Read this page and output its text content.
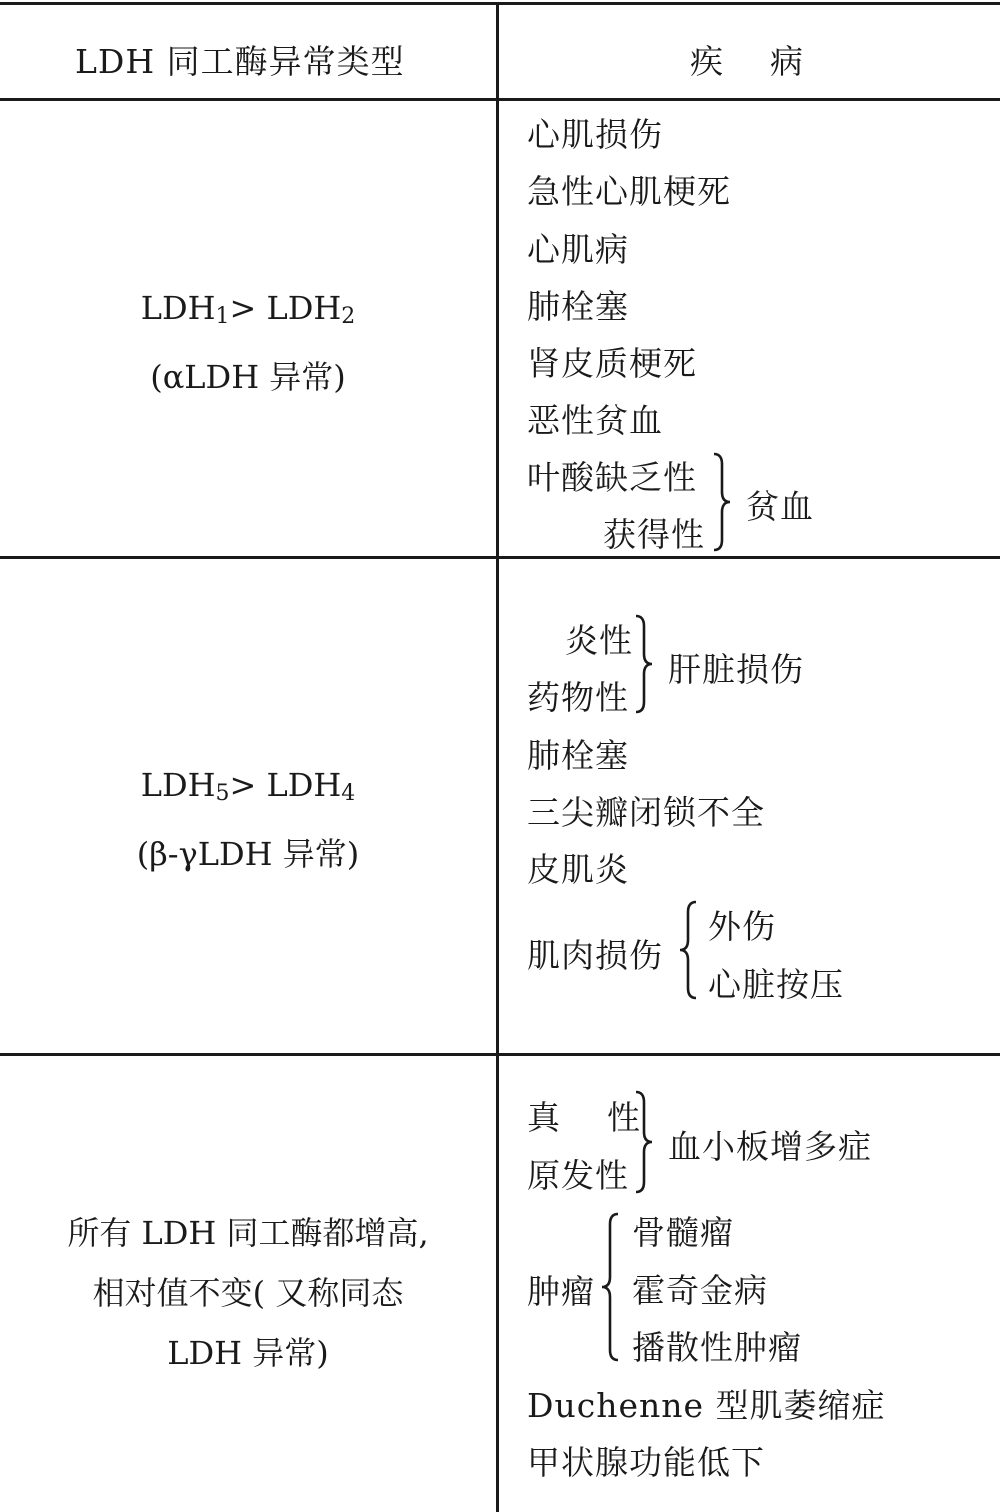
LDH 同工酶异常类型	疾    病
LDH1> LDH2
(αLDH 异常)
心肌损伤
急性心肌梗死
心肌病
肺栓塞
肾皮质梗死
恶性贫血
叶酸缺乏性
获得性
贫血
LDH5> LDH4
(β-γLDH 异常)
炎性
药物性
肝脏损伤
肺栓塞
三尖瓣闭锁不全
皮肌炎
肌肉损伤
外伤
心脏按压
所有 LDH 同工酶都增高,
相对值不变( 又称同态
LDH 异常)
真    性
原发性
血小板增多症
肿瘤
骨髓瘤
霍奇金病
播散性肿瘤
Duchenne 型肌萎缩症
甲状腺功能低下
